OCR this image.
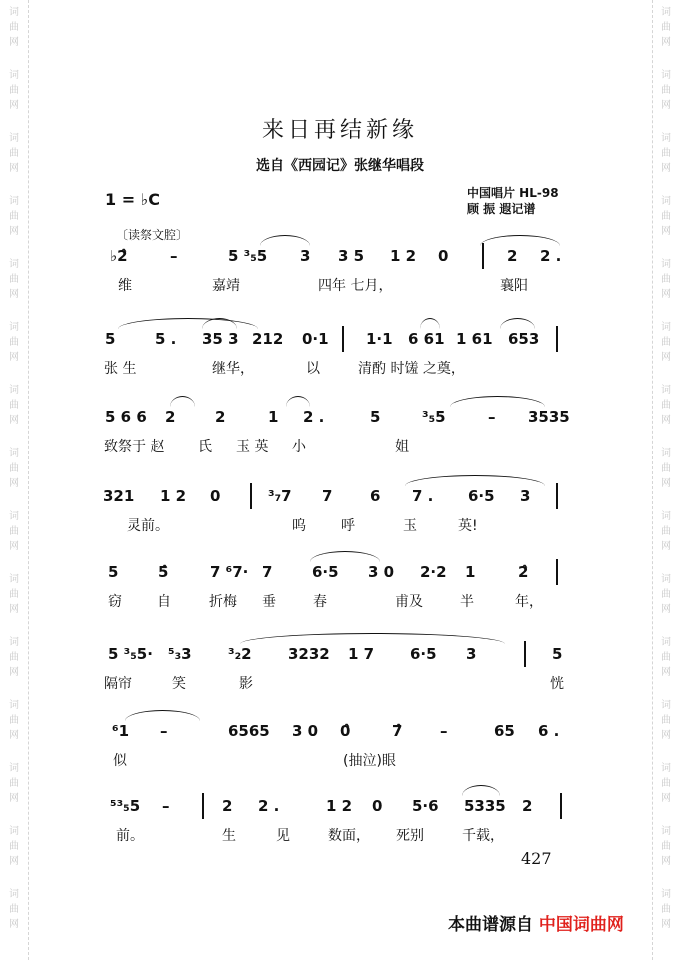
词
曲
网
词
曲
网
词
曲
网
词
曲
网
词
曲
网
词
曲
网
词
曲
网
词
曲
网
词
曲
网
词
曲
网
词
曲
网
词
曲
网
词
曲
网
词
曲
网
词
曲
网
词
曲
网
词
曲
网
词
曲
网
词
曲
网
词
曲
网
词
曲
网
词
曲
网
词
曲
网
词
曲
网
词
曲
网
词
曲
网
词
曲
网
词
曲
网
词
曲
网
词
曲
网
来日再结新缘
选自《西园记》张继华唱段
1 = ♭C	中国唱片 HL-98
顾 振 遐记谱
〔读祭文腔〕
♭2̂	–	5 ³₅5 3 3 5 1 2 0	2 2 .
维	嘉靖	四年 七月，	襄阳
5	5 . 35 3 212 0·1 1·1 6 61 1 61 653
张 生	继华，	以	清酌 时馐 之奠，
5 6 6 2	2	1 2 .	5	³₅5	– 3535
致祭于 赵 氏 玉 英 小	姐
321 1 2 0	³₇7 7	6 7 . 6·5 3
灵前。	呜	呼	玉	英!
5	5̂	7 ⁶7· 7	6·5 3 0 2·2 1	2̂
窃	自	折梅 垂	春	甫及	半	年，
5 ³₅5· ⁵₃3 ³₂2 3232 1 7 6·5 3	5
隔帘	笑	影	恍
⁶1 –	6565 3 0 0̂	7̂	–	65 6 .
似	(抽泣)眼
⁵³₅5 –	2 2 .	1 2 0 5·6 5335 2
前。	生	见	数面， 死别	千载，
427
本曲谱源自 中国词曲网
